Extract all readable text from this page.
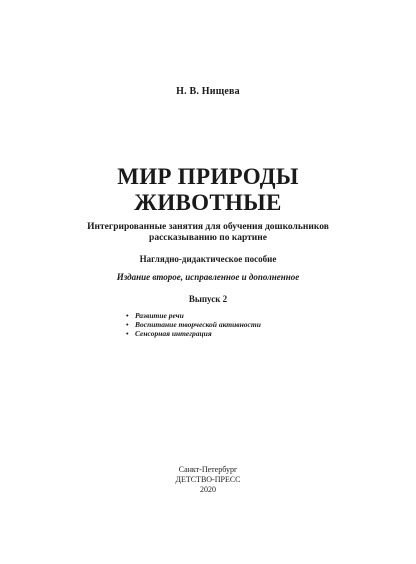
Н. В. Нищева
МИР ПРИРОДЫ
ЖИВОТНЫЕ
Интегрированные занятия для обучения дошкольников
рассказыванию по картине
Наглядно-дидактическое пособие
Издание второе, исправленное и дополненное
Выпуск 2
• Развитие речи
• Воспитание творческой активности
• Сенсорная интеграция
Санкт-Петербург
ДЕТСТВО-ПРЕСС
2020
